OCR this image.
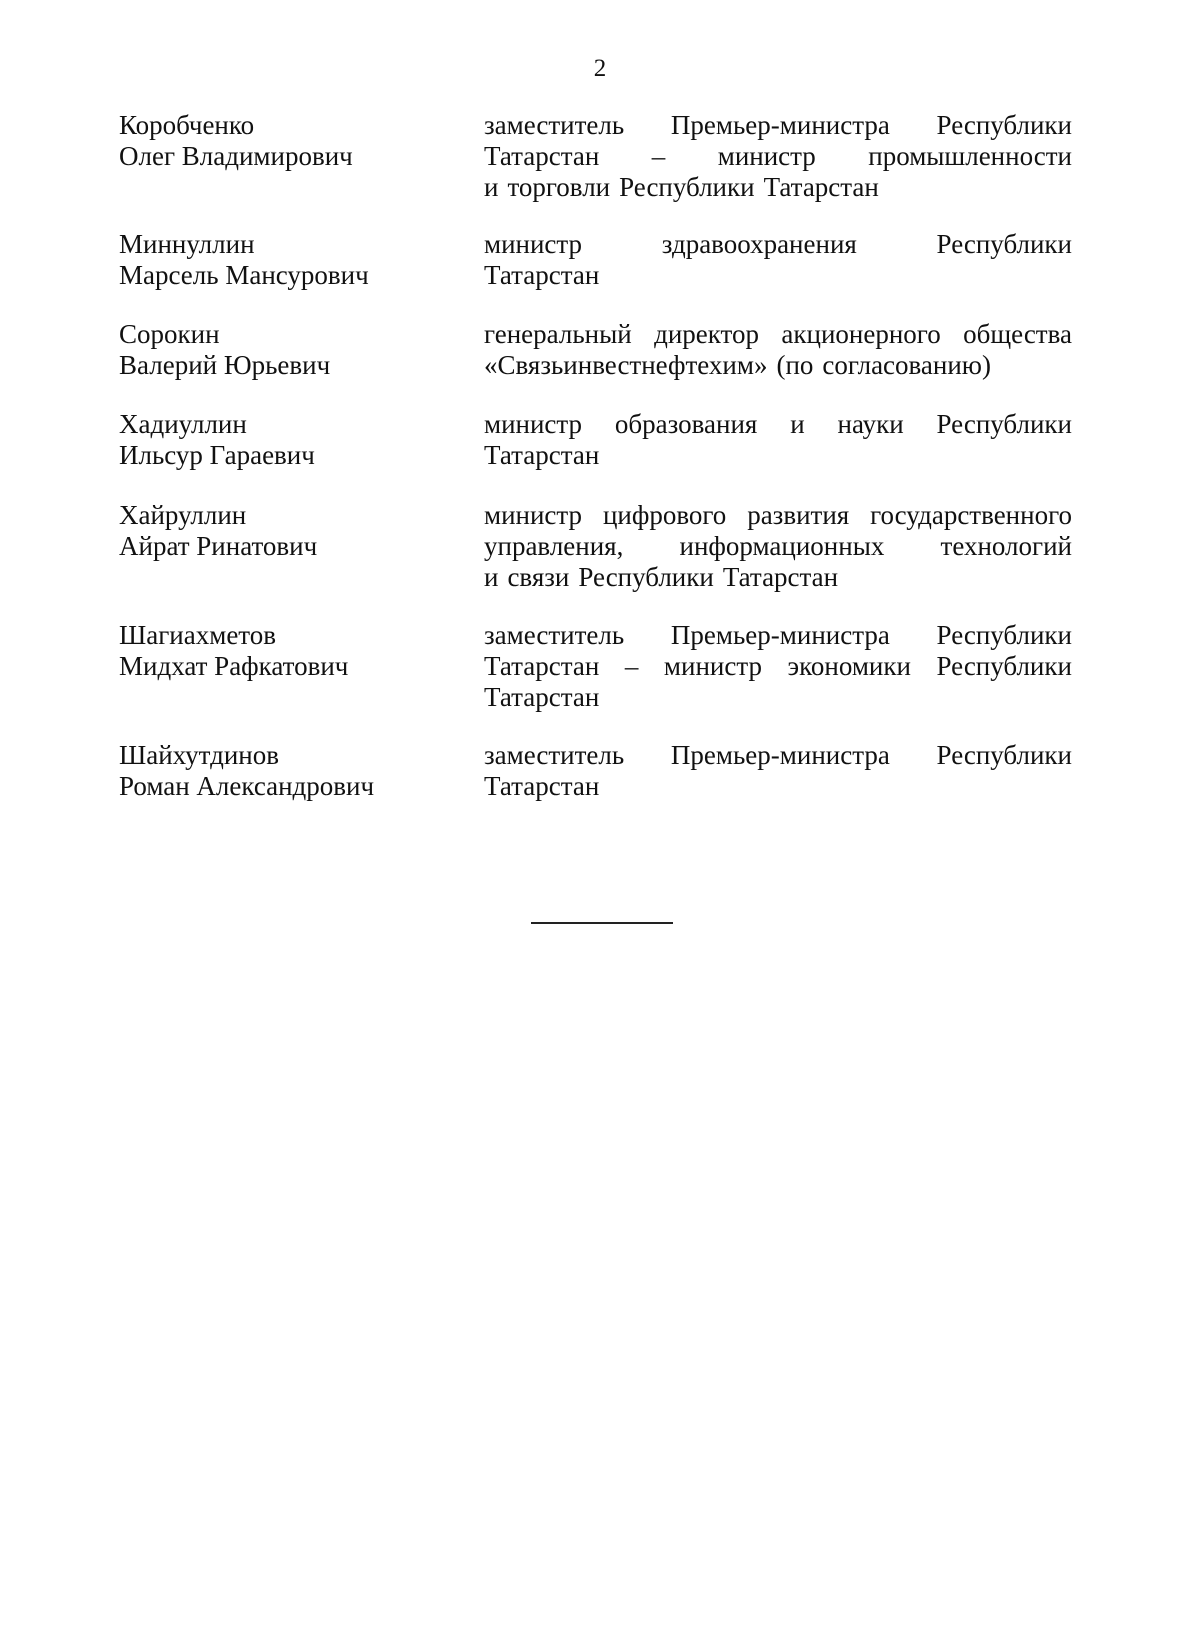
2
Коробченко
Олег Владимирович
заместитель Премьер-министра Республики
Татарстан – министр промышленности
и торговли Республики Татарстан
Миннуллин
Марсель Мансурович
министр	здравоохранения	Республики
Татарстан
Сорокин
Валерий Юрьевич
генеральный директор акционерного общества
«Связьинвестнефтехим» (по согласованию)
Хадиуллин
Ильсур Гараевич
министр образования и науки Республики
Татарстан
Хайруллин
Айрат Ринатович
министр цифрового развития государственного
управления, информационных технологий
и связи Республики Татарстан
Шагиахметов
Мидхат Рафкатович
заместитель Премьер-министра Республики
Татарстан – министр экономики Республики
Татарстан
Шайхутдинов
Роман Александрович
заместитель Премьер-министра Республики
Татарстан
